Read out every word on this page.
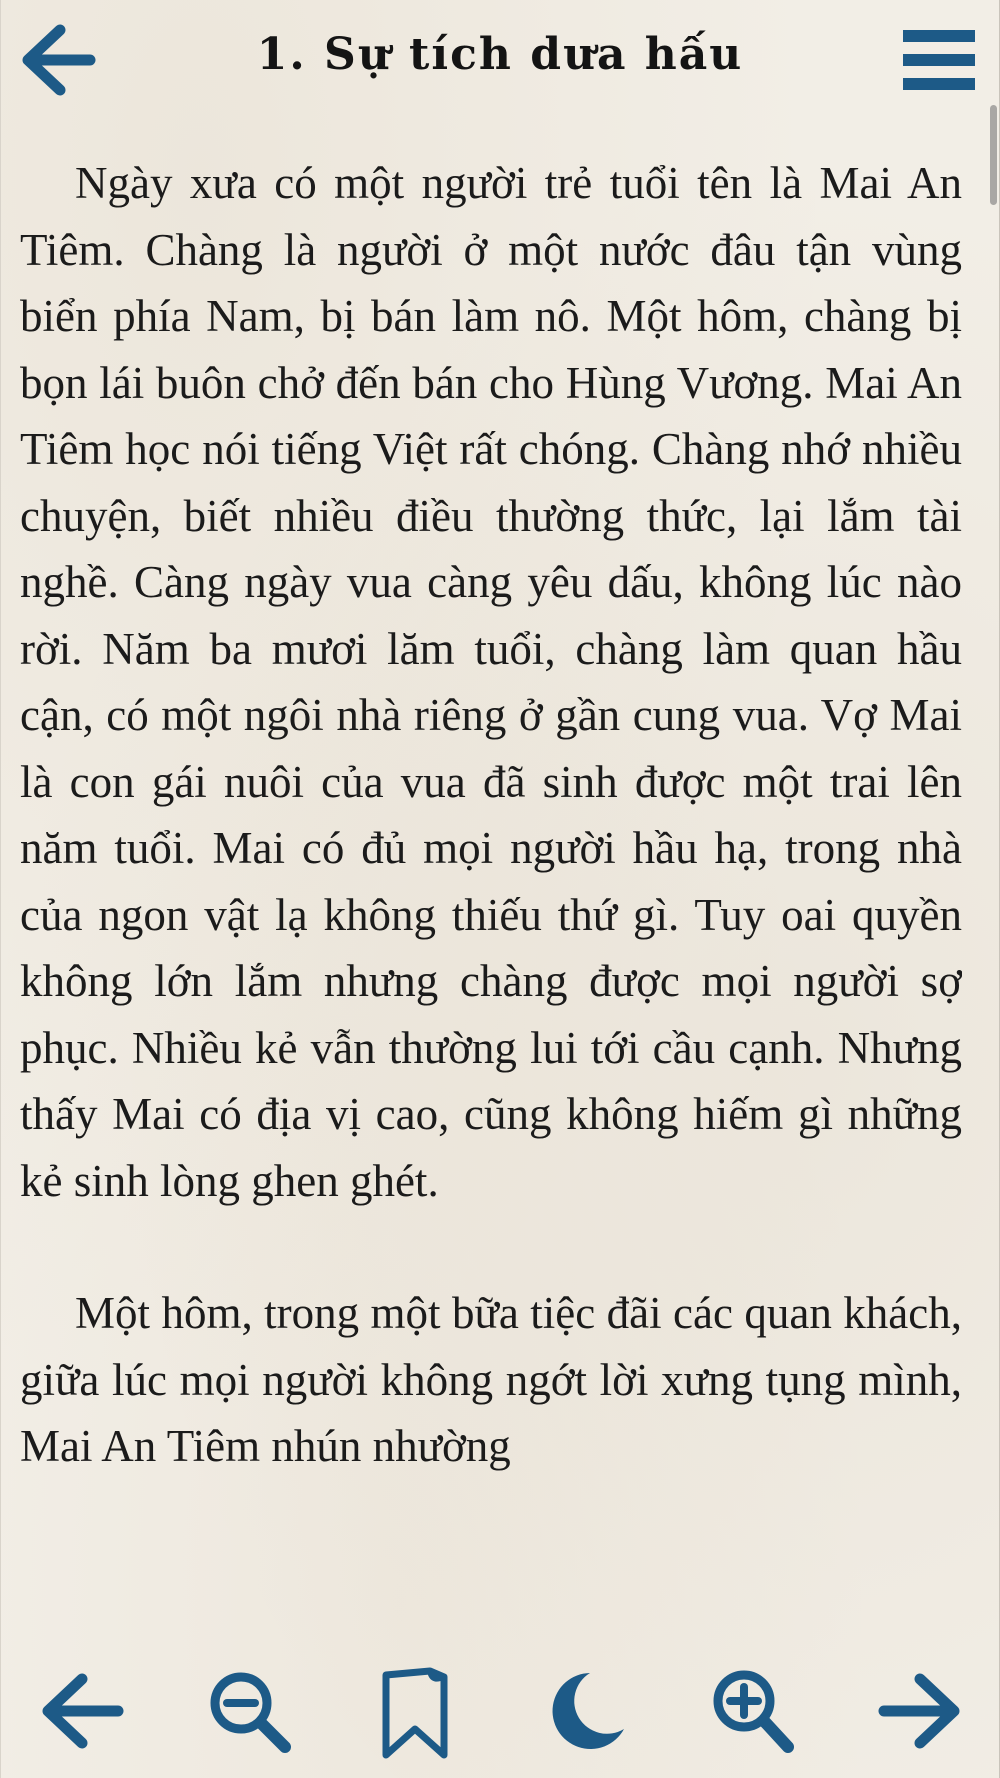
1. Sự tích dưa hấu

Ngày xưa có một người trẻ tuổi tên là Mai An Tiêm. Chàng là người ở một nước đâu tận vùng biển phía Nam, bị bán làm nô. Một hôm, chàng bị bọn lái buôn chở đến bán cho Hùng Vương. Mai An Tiêm học nói tiếng Việt rất chóng. Chàng nhớ nhiều chuyện, biết nhiều điều thường thức, lại lắm tài nghề. Càng ngày vua càng yêu dấu, không lúc nào rời. Năm ba mươi lăm tuổi, chàng làm quan hầu cận, có một ngôi nhà riêng ở gần cung vua. Vợ Mai là con gái nuôi của vua đã sinh được một trai lên năm tuổi. Mai có đủ mọi người hầu hạ, trong nhà của ngon vật lạ không thiếu thứ gì. Tuy oai quyền không lớn lắm nhưng chàng được mọi người sợ phục. Nhiều kẻ vẫn thường lui tới cầu cạnh. Nhưng thấy Mai có địa vị cao, cũng không hiếm gì những kẻ sinh lòng ghen ghét.

Một hôm, trong một bữa tiệc đãi các quan khách, giữa lúc mọi người không ngớt lời xưng tụng mình, Mai An Tiêm nhún nhường
